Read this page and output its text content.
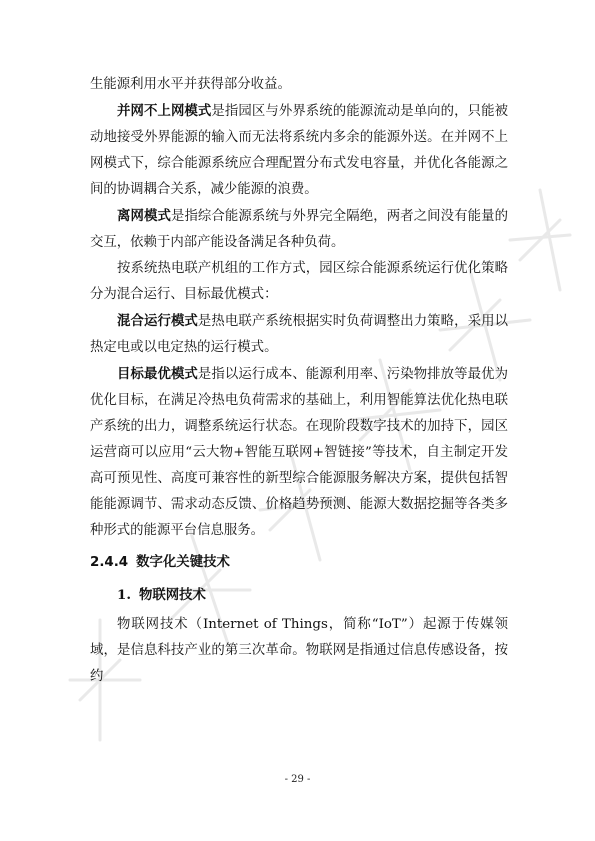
生能源利用水平并获得部分收益。

并网不上网模式是指园区与外界系统的能源流动是单向的，只能被动地接受外界能源的输入而无法将系统内多余的能源外送。在并网不上网模式下，综合能源系统应合理配置分布式发电容量，并优化各能源之间的协调耦合关系，减少能源的浪费。

离网模式是指综合能源系统与外界完全隔绝，两者之间没有能量的交互，依赖于内部产能设备满足各种负荷。

按系统热电联产机组的工作方式，园区综合能源系统运行优化策略分为混合运行、目标最优模式：

混合运行模式是热电联产系统根据实时负荷调整出力策略，采用以热定电或以电定热的运行模式。

目标最优模式是指以运行成本、能源利用率、污染物排放等最优为优化目标，在满足冷热电负荷需求的基础上，利用智能算法优化热电联产系统的出力，调整系统运行状态。在现阶段数字技术的加持下，园区运营商可以应用“云大物+智能互联网+智链接”等技术，自主制定开发高可预见性、高度可兼容性的新型综合能源服务解决方案，提供包括智能能源调节、需求动态反馈、价格趋势预测、能源大数据挖掘等各类多种形式的能源平台信息服务。

2.4.4 数字化关键技术
1. 物联网技术

物联网技术（Internet of Things，简称“IoT”）起源于传媒领域，是信息科技产业的第三次革命。物联网是指通过信息传感设备，按约

- 29 -
